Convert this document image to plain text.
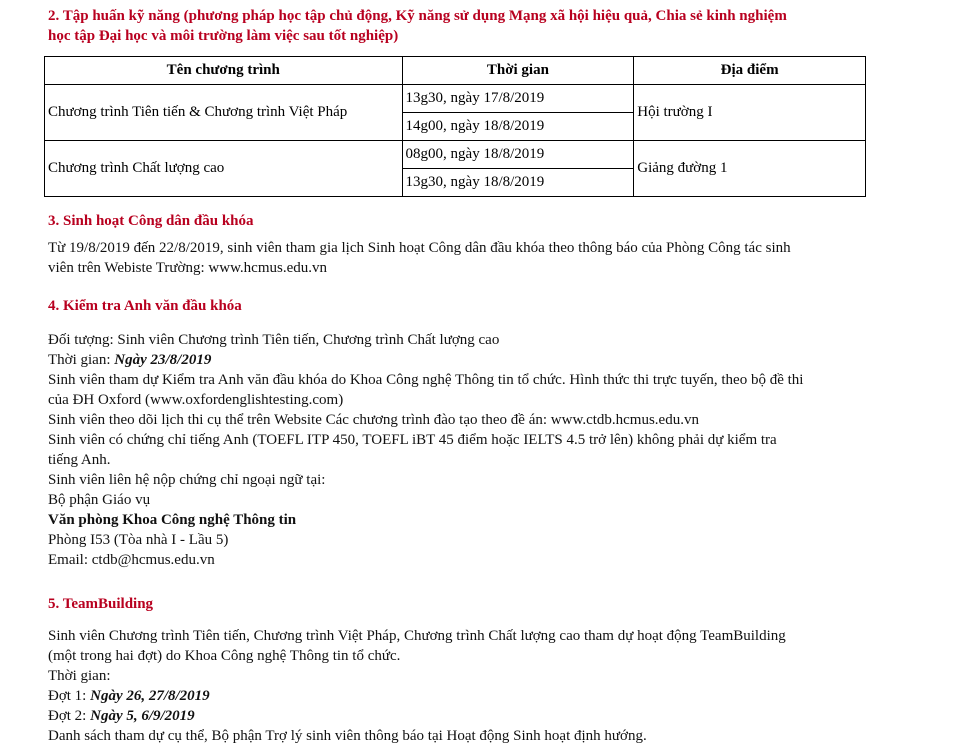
2. Tập huấn kỹ năng (phương pháp học tập chủ động, Kỹ năng sử dụng Mạng xã hội hiệu quả, Chia sẻ kinh nghiệm
học tập Đại học và môi trường làm việc sau tốt nghiệp)
Tên chương trình	Thời gian	Địa điểm
Chương trình Tiên tiến & Chương trình Việt Pháp	13g30, ngày 17/8/2019	Hội trường I
	14g00, ngày 18/8/2019	
Chương trình Chất lượng cao	08g00, ngày 18/8/2019	Giảng đường 1
	13g30, ngày 18/8/2019	
3. Sinh hoạt Công dân đầu khóa
Từ 19/8/2019 đến 22/8/2019, sinh viên tham gia lịch Sinh hoạt Công dân đầu khóa theo thông báo của Phòng Công tác sinh
viên trên Webiste Trường: www.hcmus.edu.vn
4. Kiểm tra Anh văn đầu khóa
Đối tượng: Sinh viên Chương trình Tiên tiến, Chương trình Chất lượng cao
Thời gian: Ngày 23/8/2019
Sinh viên tham dự Kiểm tra Anh văn đầu khóa do Khoa Công nghệ Thông tin tổ chức. Hình thức thi trực tuyến, theo bộ đề thi
của ĐH Oxford (www.oxfordenglishtesting.com)
Sinh viên theo dõi lịch thi cụ thể trên Website Các chương trình đào tạo theo đề án: www.ctdb.hcmus.edu.vn
Sinh viên có chứng chỉ tiếng Anh (TOEFL ITP 450, TOEFL iBT 45 điểm hoặc IELTS 4.5 trở lên) không phải dự kiểm tra
tiếng Anh.
Sinh viên liên hệ nộp chứng chỉ ngoại ngữ tại:
Bộ phận Giáo vụ
Văn phòng Khoa Công nghệ Thông tin
Phòng I53 (Tòa nhà I - Lầu 5)
Email: ctdb@hcmus.edu.vn
5. TeamBuilding
Sinh viên Chương trình Tiên tiến, Chương trình Việt Pháp, Chương trình Chất lượng cao tham dự hoạt động TeamBuilding
(một trong hai đợt) do Khoa Công nghệ Thông tin tổ chức.
Thời gian:
Đợt 1: Ngày 26, 27/8/2019
Đợt 2: Ngày 5, 6/9/2019
Danh sách tham dự cụ thể, Bộ phận Trợ lý sinh viên thông báo tại Hoạt động Sinh hoạt định hướng.
